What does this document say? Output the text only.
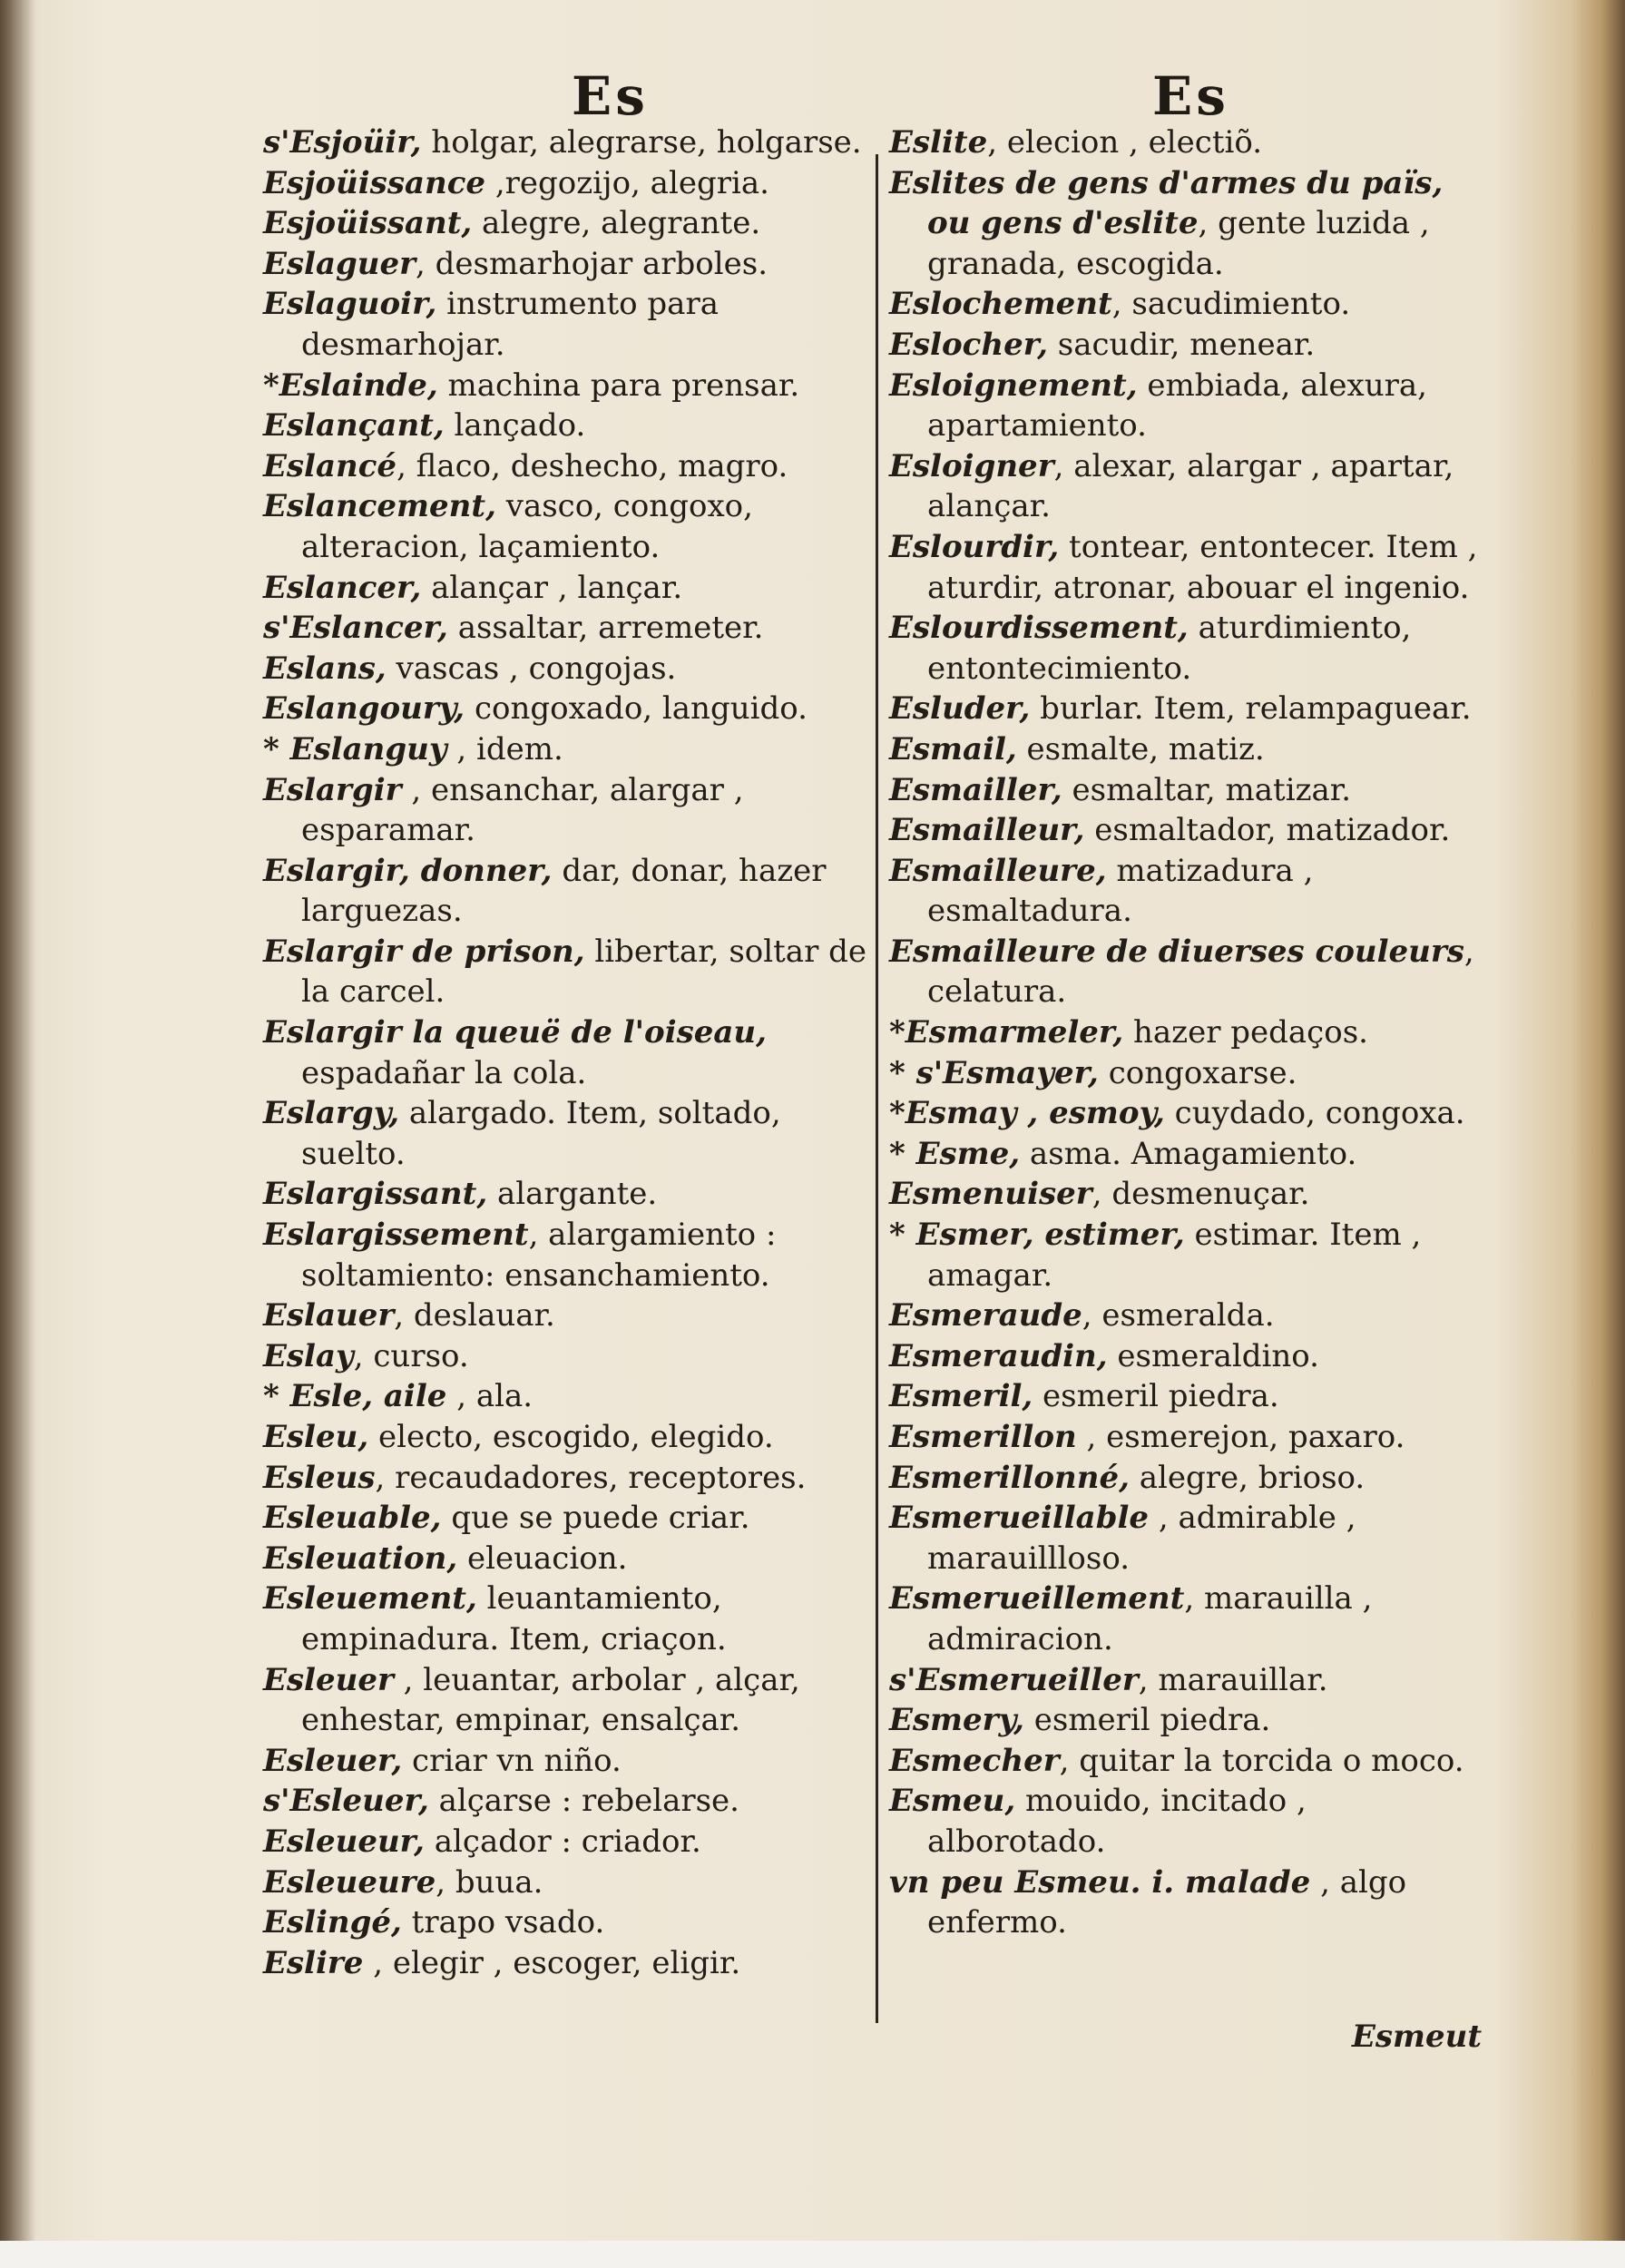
Es	Es

s'Esjoüir, holgar, alegrarse, holgarse.

Esjoüissance ,regozijo, alegria.

Esjoüissant, alegre, alegrante.

Eslaguer, desmarhojar arboles.

Eslaguoir, instrumento para desmarhojar.

*Eslainde, machina para prensar.

Eslançant, lançado.

Eslancé, flaco, deshecho, magro.

Eslancement, vasco, congoxo, alteracion, laçamiento.

Eslancer, alançar , lançar.

s'Eslancer, assaltar, arremeter.

Eslans, vascas , congojas.

Eslangoury, congoxado, languido.

* Eslanguy , idem.

Eslargir , ensanchar, alargar , esparamar.

Eslargir, donner, dar, donar, hazer larguezas.

Eslargir de prison, libertar, soltar de la carcel.

Eslargir la queuë de l'oiseau, espadañar la cola.

Eslargy, alargado. Item, soltado, suelto.

Eslargissant, alargante.

Eslargissement, alargamiento : soltamiento: ensanchamiento.

Eslauer, deslauar.

Eslay, curso.

* Esle, aile , ala.

Esleu, electo, escogido, elegido.

Esleus, recaudadores, receptores.

Esleuable, que se puede criar.

Esleuation, eleuacion.

Esleuement, leuantamiento, empinadura. Item, criaçon.

Esleuer , leuantar, arbolar , alçar, enhestar, empinar, ensalçar.

Esleuer, criar vn niño.

s'Esleuer, alçarse : rebelarse.

Esleueur, alçador : criador.

Esleueure, buua.

Eslingé, trapo vsado.

Eslire , elegir , escoger, eligir.

Eslite, elecion , electiõ.

Eslites de gens d'armes du païs, ou gens d'eslite, gente luzida , granada, escogida.

Eslochement, sacudimiento.

Eslocher, sacudir, menear.

Esloignement, embiada, alexura, apartamiento.

Esloigner, alexar, alargar , apartar, alançar.

Eslourdir, tontear, entontecer. Item , aturdir, atronar, abouar el ingenio.

Eslourdissement, aturdimiento, entontecimiento.

Esluder, burlar. Item, relampaguear.

Esmail, esmalte, matiz.

Esmailler, esmaltar, matizar.

Esmailleur, esmaltador, matizador.

Esmailleure, matizadura , esmaltadura.

Esmailleure de diuerses couleurs, celatura.

*Esmarmeler, hazer pedaços.

* s'Esmayer, congoxarse.

*Esmay , esmoy, cuydado, congoxa.

* Esme, asma. Amagamiento.

Esmenuiser, desmenuçar.

* Esmer, estimer, estimar. Item , amagar.

Esmeraude, esmeralda.

Esmeraudin, esmeraldino.

Esmeril, esmeril piedra.

Esmerillon , esmerejon, paxaro.

Esmerillonné, alegre, brioso.

Esmerueillable , admirable , marauillloso.

Esmerueillement, marauilla , admiracion.

s'Esmerueiller, marauillar.

Esmery, esmeril piedra.

Esmecher, quitar la torcida o moco.

Esmeu, mouido, incitado , alborotado.

vn peu Esmeu. i. malade , algo enfermo.

Esmeut
